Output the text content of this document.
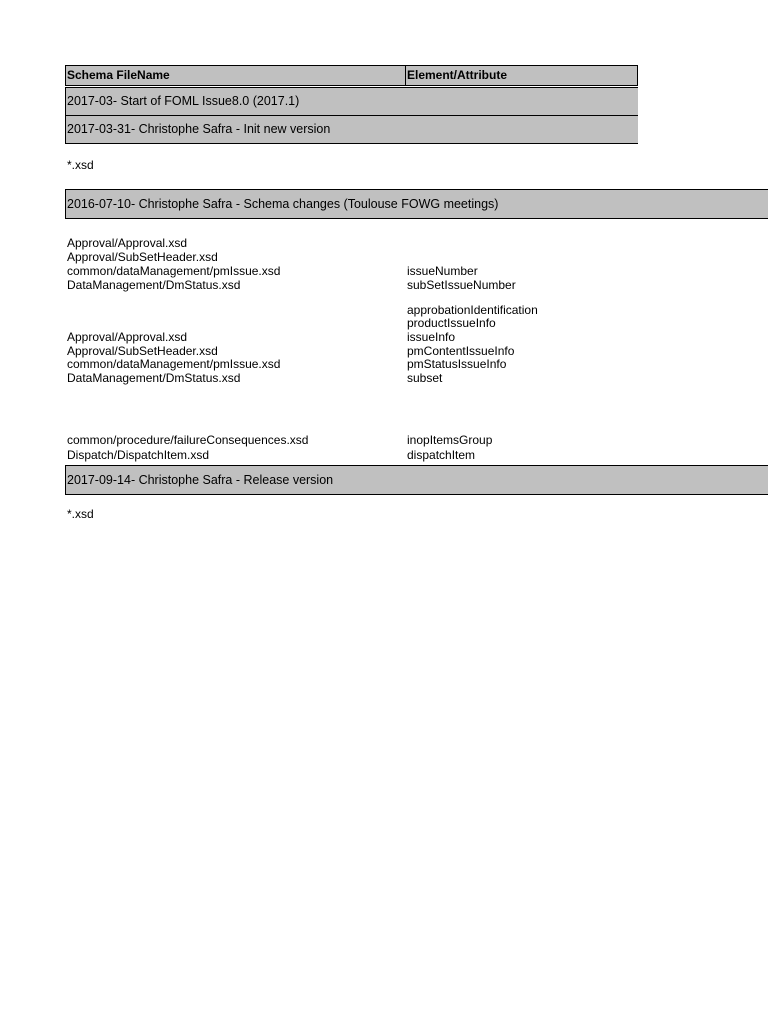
Schema FileName	Element/Attribute
2017-03- Start of FOML Issue8.0 (2017.1)
2017-03-31- Christophe Safra - Init new version
*.xsd
2016-07-10- Christophe Safra - Schema changes (Toulouse FOWG meetings)
Approval/Approval.xsd
Approval/SubSetHeader.xsd
common/dataManagement/pmIssue.xsd
DataManagement/DmStatus.xsd
issueNumber
subSetIssueNumber
approbationIdentification
productIssueInfo
issueInfo
pmContentIssueInfo
pmStatusIssueInfo
subset
Approval/Approval.xsd
Approval/SubSetHeader.xsd
common/dataManagement/pmIssue.xsd
DataManagement/DmStatus.xsd
common/procedure/failureConsequences.xsd
Dispatch/DispatchItem.xsd
inopItemsGroup
dispatchItem
2017-09-14- Christophe Safra - Release version
*.xsd
